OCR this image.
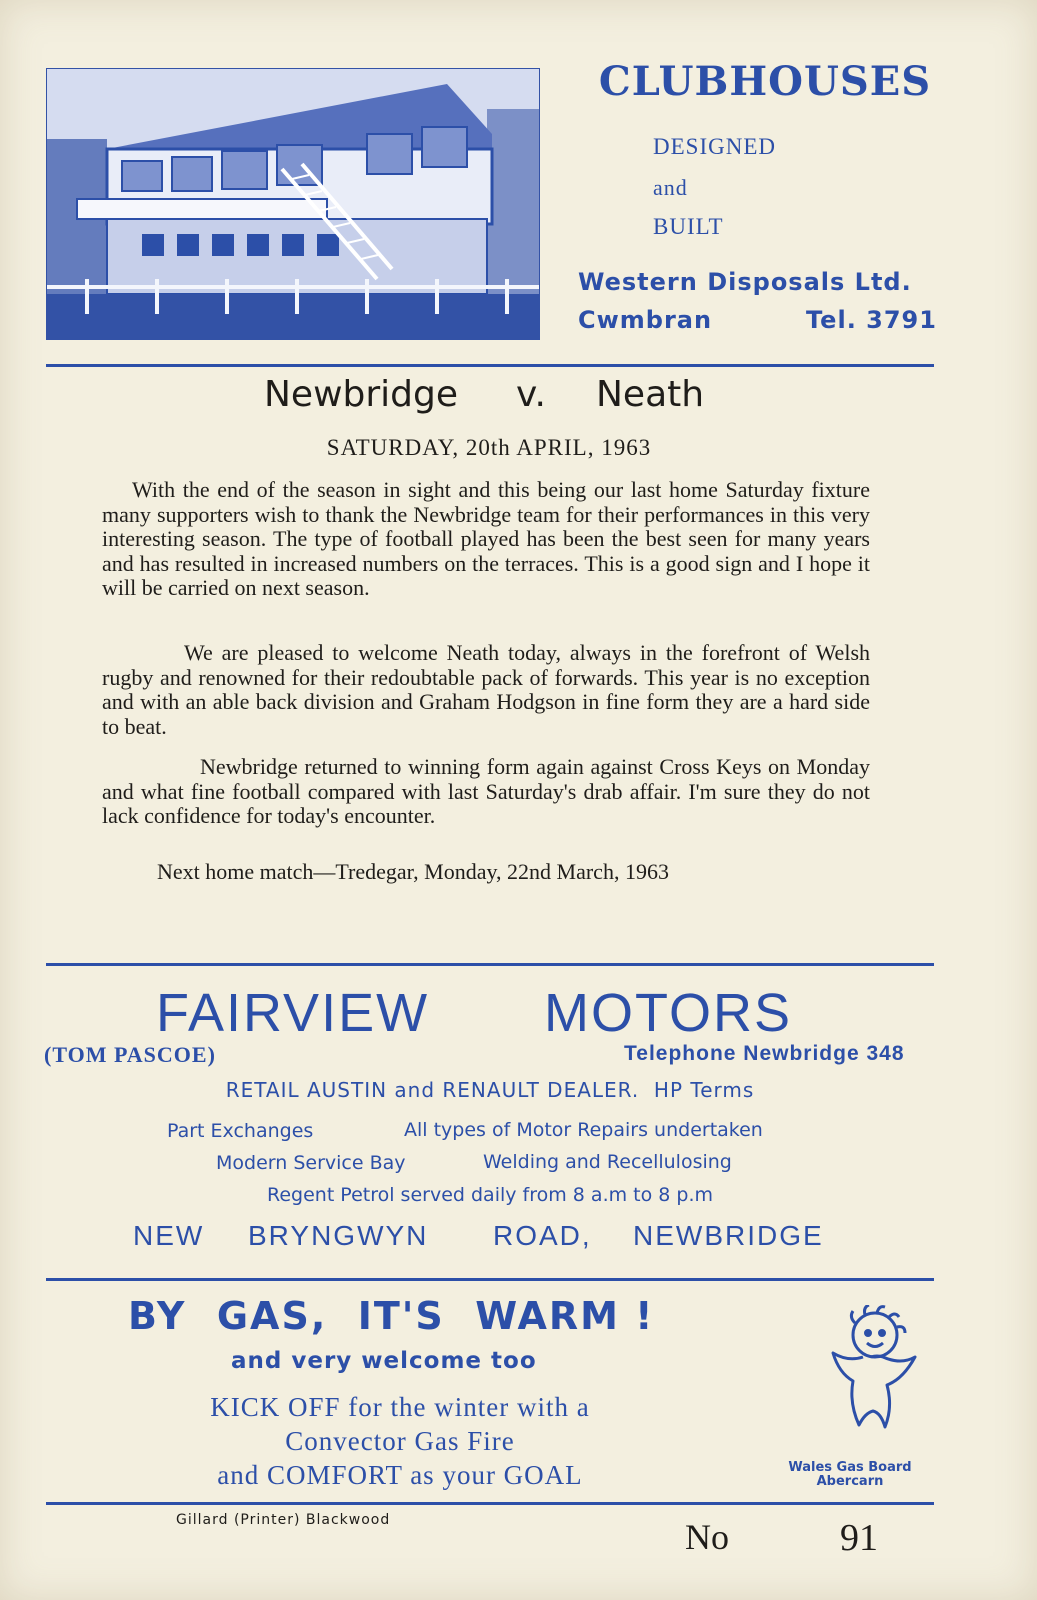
CLUBHOUSES
DESIGNED
and
BUILT
Western Disposals Ltd.
Cwmbran	Tel. 3791
Newbridge v. Neath
SATURDAY, 20th APRIL, 1963
With the end of the season in sight and this being our last home Saturday fixture many supporters wish to thank the Newbridge team for their performances in this very interesting season. The type of football played has been the best seen for many years and has resulted in increased numbers on the terraces. This is a good sign and I hope it will be carried on next season.
We are pleased to welcome Neath today, always in the forefront of Welsh rugby and renowned for their redoubtable pack of forwards. This year is no exception and with an able back division and Graham Hodgson in fine form they are a hard side to beat.
Newbridge returned to winning form again against Cross Keys on Monday and what fine football compared with last Saturday's drab affair. I'm sure they do not lack confidence for today's encounter.
Next home match—Tredegar, Monday, 22nd March, 1963
FAIRVIEW MOTORS
(TOM PASCOE)	Telephone Newbridge 348
RETAIL AUSTIN and RENAULT DEALER.  HP Terms
Part Exchanges	All types of Motor Repairs undertaken
Modern Service Bay	Welding and Recellulosing
Regent Petrol served daily from 8 a.m to 8 p.m
NEW BRYNGWYN ROAD, NEWBRIDGE
BY  GAS,  IT'S  WARM !
and very welcome too
KICK OFF for the winter with a
Convector Gas Fire
and COMFORT as your GOAL	Wales Gas Board
Abercarn
Gillard (Printer) Blackwood	No	91
